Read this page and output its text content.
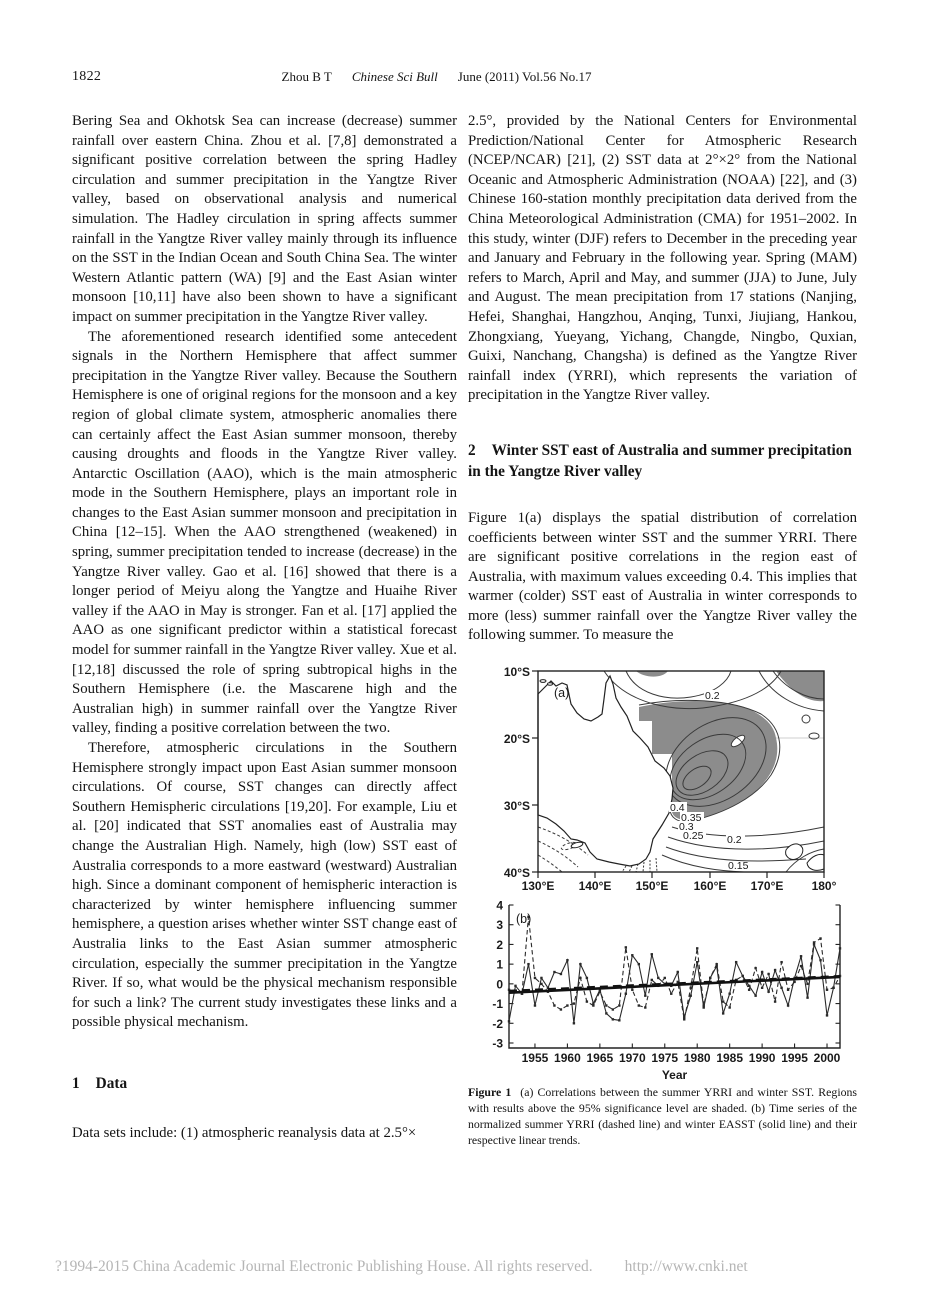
1822	Zhou B T Chinese Sci Bull June (2011) Vol.56 No.17

Bering Sea and Okhotsk Sea can increase (decrease) summer rainfall over eastern China. Zhou et al. [7,8] demonstrated a significant positive correlation between the spring Hadley circulation and summer precipitation in the Yangtze River valley, based on observational analysis and numerical simulation. The Hadley circulation in spring affects summer rainfall in the Yangtze River valley mainly through its influence on the SST in the Indian Ocean and South China Sea. The winter Western Atlantic pattern (WA) [9] and the East Asian winter monsoon [10,11] have also been shown to have a significant impact on summer precipitation in the Yangtze River valley.

The aforementioned research identified some antecedent signals in the Northern Hemisphere that affect summer precipitation in the Yangtze River valley. Because the Southern Hemisphere is one of original regions for the monsoon and a key region of global climate system, atmospheric anomalies there can certainly affect the East Asian summer monsoon, thereby causing droughts and floods in the Yangtze River valley. Antarctic Oscillation (AAO), which is the main atmospheric mode in the Southern Hemisphere, plays an important role in changes to the East Asian summer monsoon and precipitation in China [12–15]. When the AAO strengthened (weakened) in spring, summer precipitation tended to increase (decrease) in the Yangtze River valley. Gao et al. [16] showed that there is a longer period of Meiyu along the Yangtze and Huaihe River valley if the AAO in May is stronger. Fan et al. [17] applied the AAO as one significant predictor within a statistical forecast model for summer rainfall in the Yangtze River valley. Xue et al. [12,18] discussed the role of spring subtropical highs in the Southern Hemisphere (i.e. the Mascarene high and the Australian high) in summer rainfall over the Yangtze River valley, finding a positive correlation between the two.

Therefore, atmospheric circulations in the Southern Hemisphere strongly impact upon East Asian summer monsoon circulations. Of course, SST changes can directly affect Southern Hemispheric circulations [19,20]. For example, Liu et al. [20] indicated that SST anomalies east of Australia may change the Australian High. Namely, high (low) SST east of Australia corresponds to a more eastward (westward) Australian high. Since a dominant component of hemispheric interaction is characterized by winter hemisphere influencing summer hemisphere, a question arises whether winter SST change east of Australia links to the East Asian summer atmospheric circulation, especially the summer precipitation in the Yangtze River. If so, what would be the physical mechanism responsible for such a link? The current study investigates these links and a possible physical mechanism.

1 Data

Data sets include: (1) atmospheric reanalysis data at 2.5°×

2.5°, provided by the National Centers for Environmental Prediction/National Center for Atmospheric Research (NCEP/NCAR) [21], (2) SST data at 2°×2° from the National Oceanic and Atmospheric Administration (NOAA) [22], and (3) Chinese 160-station monthly precipitation data derived from the China Meteorological Administration (CMA) for 1951–2002. In this study, winter (DJF) refers to December in the preceding year and January and February in the following year. Spring (MAM) refers to March, April and May, and summer (JJA) to June, July and August. The mean precipitation from 17 stations (Nanjing, Hefei, Shanghai, Hangzhou, Anqing, Tunxi, Jiujiang, Hankou, Zhongxiang, Yueyang, Yichang, Changde, Ningbo, Quxian, Guixi, Nanchang, Changsha) is defined as the Yangtze River rainfall index (YRRI), which represents the variation of precipitation in the Yangtze River valley.

2 Winter SST east of Australia and summer precipitation in the Yangtze River valley

Figure 1(a) displays the spatial distribution of correlation coefficients between winter SST and the summer YRRI. There are significant positive correlations in the region east of Australia, with maximum values exceeding 0.4. This implies that warmer (colder) SST east of Australia in winter corresponds to more (less) summer rainfall over the Yangtze River valley the following summer. To measure the

10°S
20°S
30°S
40°S
130°E 140°E 150°E 160°E 170°E 180°
(a)
0.4
0.35
0.3
0.25
0.2
0.2
0.15
-3
-2
-1
0
1
2
3
4
1955 1960 1965 1970 1975 1980 1985 1990 1995 2000
(b)
Year

Figure 1 (a) Correlations between the summer YRRI and winter SST. Regions with results above the 95% significance level are shaded. (b) Time series of the normalized summer YRRI (dashed line) and winter EASST (solid line) and their respective linear trends.

?1994-2015 China Academic Journal Electronic Publishing House. All rights reserved. http://www.cnki.net
